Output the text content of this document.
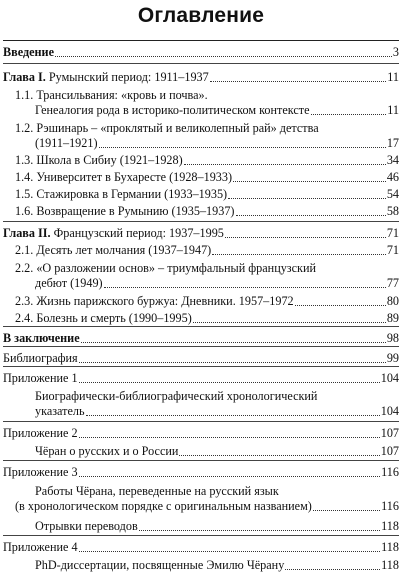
Оглавление
Введение	3
Глава I. Румынский период: 1911–1937	11
1.1. Трансильвания: «кровь и почва».
Генеалогия рода в историко-политическом контексте	11
1.2. Рэшинарь – «проклятый и великолепный рай» детства
(1911–1921)	17
1.3. Школа в Сибиу (1921–1928)	34
1.4. Университет в Бухаресте (1928–1933)	46
1.5. Стажировка в Германии (1933–1935)	54
1.6. Возвращение в Румынию (1935–1937)	58
Глава II. Французский период: 1937–1995	71
2.1. Десять лет молчания (1937–1947)	71
2.2. «О разложении основ» – триумфальный французский
дебют (1949)	77
2.3. Жизнь парижского буржуа: Дневники. 1957–1972	80
2.4. Болезнь и смерть (1990–1995)	89
В заключение	98
Библиография	99
Приложение 1	104
Биографически-библиографический хронологический
указатель	104
Приложение 2	107
Чёран о русских и о России	107
Приложение 3	116
Работы Чёрана, переведенные на русский язык
(в хронологическом порядке с оригинальным названием)	116
Отрывки переводов	118
Приложение 4	118
PhD-диссертации, посвященные Эмилю Чёрану	118
